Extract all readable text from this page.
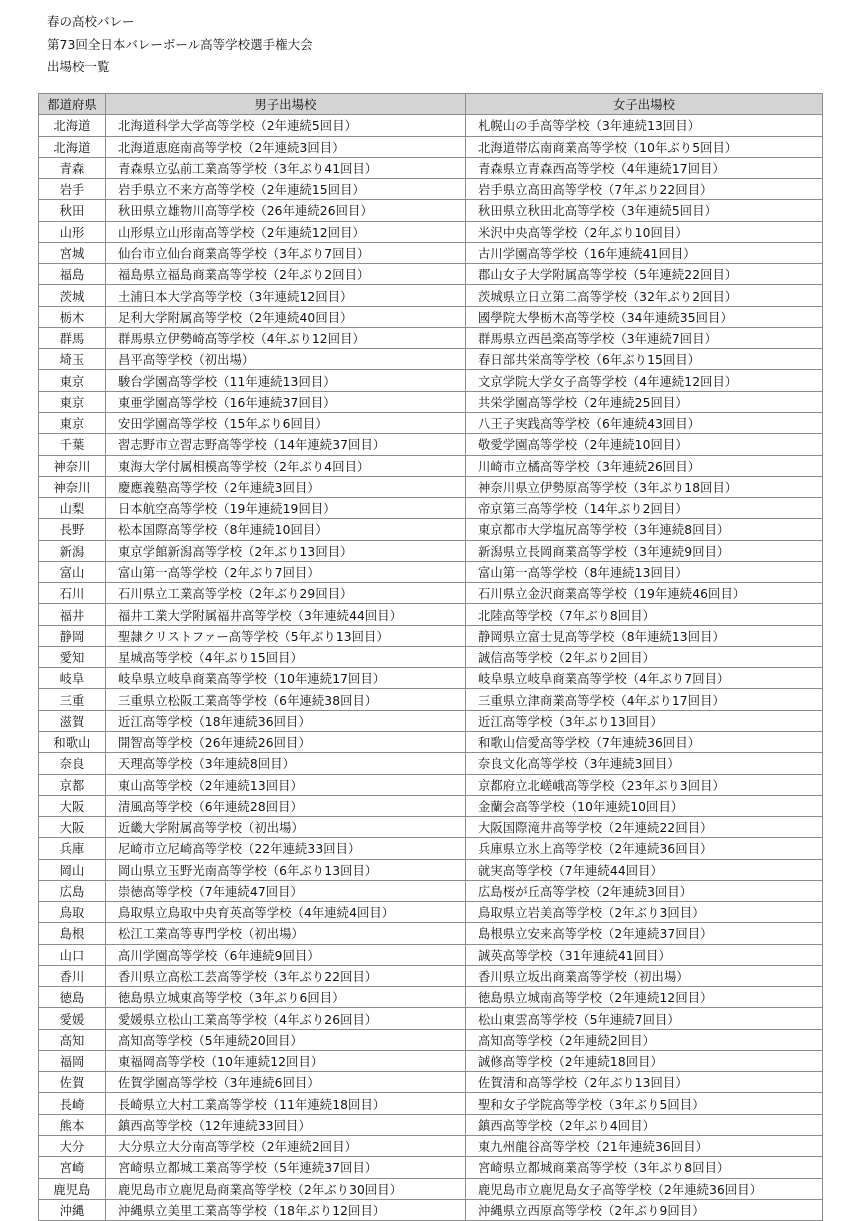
春の高校バレー
第73回全日本バレーボール高等学校選手権大会
出場校一覧
都道府県	男子出場校	女子出場校
北海道	北海道科学大学高等学校（2年連続5回目）	札幌山の手高等学校（3年連続13回目）
北海道	北海道恵庭南高等学校（2年連続3回目）	北海道帯広南商業高等学校（10年ぶり5回目）
青森	青森県立弘前工業高等学校（3年ぶり41回目）	青森県立青森西高等学校（4年連続17回目）
岩手	岩手県立不来方高等学校（2年連続15回目）	岩手県立高田高等学校（7年ぶり22回目）
秋田	秋田県立雄物川高等学校（26年連続26回目）	秋田県立秋田北高等学校（3年連続5回目）
山形	山形県立山形南高等学校（2年連続12回目）	米沢中央高等学校（2年ぶり10回目）
宮城	仙台市立仙台商業高等学校（3年ぶり7回目）	古川学園高等学校（16年連続41回目）
福島	福島県立福島商業高等学校（2年ぶり2回目）	郡山女子大学附属高等学校（5年連続22回目）
茨城	土浦日本大学高等学校（3年連続12回目）	茨城県立日立第二高等学校（32年ぶり2回目）
栃木	足利大学附属高等学校（2年連続40回目）	國學院大學栃木高等学校（34年連続35回目）
群馬	群馬県立伊勢崎高等学校（4年ぶり12回目）	群馬県立西邑楽高等学校（3年連続7回目）
埼玉	昌平高等学校（初出場）	春日部共栄高等学校（6年ぶり15回目）
東京	駿台学園高等学校（11年連続13回目）	文京学院大学女子高等学校（4年連続12回目）
東京	東亜学園高等学校（16年連続37回目）	共栄学園高等学校（2年連続25回目）
東京	安田学園高等学校（15年ぶり6回目）	八王子実践高等学校（6年連続43回目）
千葉	習志野市立習志野高等学校（14年連続37回目）	敬愛学園高等学校（2年連続10回目）
神奈川	東海大学付属相模高等学校（2年ぶり4回目）	川崎市立橘高等学校（3年連続26回目）
神奈川	慶應義塾高等学校（2年連続3回目）	神奈川県立伊勢原高等学校（3年ぶり18回目）
山梨	日本航空高等学校（19年連続19回目）	帝京第三高等学校（14年ぶり2回目）
長野	松本国際高等学校（8年連続10回目）	東京都市大学塩尻高等学校（3年連続8回目）
新潟	東京学館新潟高等学校（2年ぶり13回目）	新潟県立長岡商業高等学校（3年連続9回目）
富山	富山第一高等学校（2年ぶり7回目）	富山第一高等学校（8年連続13回目）
石川	石川県立工業高等学校（2年ぶり29回目）	石川県立金沢商業高等学校（19年連続46回目）
福井	福井工業大学附属福井高等学校（3年連続44回目）	北陸高等学校（7年ぶり8回目）
静岡	聖隷クリストファー高等学校（5年ぶり13回目）	静岡県立富士見高等学校（8年連続13回目）
愛知	星城高等学校（4年ぶり15回目）	誠信高等学校（2年ぶり2回目）
岐阜	岐阜県立岐阜商業高等学校（10年連続17回目）	岐阜県立岐阜商業高等学校（4年ぶり7回目）
三重	三重県立松阪工業高等学校（6年連続38回目）	三重県立津商業高等学校（4年ぶり17回目）
滋賀	近江高等学校（18年連続36回目）	近江高等学校（3年ぶり13回目）
和歌山	開智高等学校（26年連続26回目）	和歌山信愛高等学校（7年連続36回目）
奈良	天理高等学校（3年連続8回目）	奈良文化高等学校（3年連続3回目）
京都	東山高等学校（2年連続13回目）	京都府立北嵯峨高等学校（23年ぶり3回目）
大阪	清風高等学校（6年連続28回目）	金蘭会高等学校（10年連続10回目）
大阪	近畿大学附属高等学校（初出場）	大阪国際滝井高等学校（2年連続22回目）
兵庫	尼崎市立尼崎高等学校（22年連続33回目）	兵庫県立氷上高等学校（2年連続36回目）
岡山	岡山県立玉野光南高等学校（6年ぶり13回目）	就実高等学校（7年連続44回目）
広島	崇徳高等学校（7年連続47回目）	広島桜が丘高等学校（2年連続3回目）
鳥取	鳥取県立鳥取中央育英高等学校（4年連続4回目）	鳥取県立岩美高等学校（2年ぶり3回目）
島根	松江工業高等専門学校（初出場）	島根県立安来高等学校（2年連続37回目）
山口	高川学園高等学校（6年連続9回目）	誠英高等学校（31年連続41回目）
香川	香川県立高松工芸高等学校（3年ぶり22回目）	香川県立坂出商業高等学校（初出場）
徳島	徳島県立城東高等学校（3年ぶり6回目）	徳島県立城南高等学校（2年連続12回目）
愛媛	愛媛県立松山工業高等学校（4年ぶり26回目）	松山東雲高等学校（5年連続7回目）
高知	高知高等学校（5年連続20回目）	高知高等学校（2年連続2回目）
福岡	東福岡高等学校（10年連続12回目）	誠修高等学校（2年連続18回目）
佐賀	佐賀学園高等学校（3年連続6回目）	佐賀清和高等学校（2年ぶり13回目）
長崎	長崎県立大村工業高等学校（11年連続18回目）	聖和女子学院高等学校（3年ぶり5回目）
熊本	鎮西高等学校（12年連続33回目）	鎮西高等学校（2年ぶり4回目）
大分	大分県立大分南高等学校（2年連続2回目）	東九州龍谷高等学校（21年連続36回目）
宮崎	宮崎県立都城工業高等学校（5年連続37回目）	宮崎県立都城商業高等学校（3年ぶり8回目）
鹿児島	鹿児島市立鹿児島商業高等学校（2年ぶり30回目）	鹿児島市立鹿児島女子高等学校（2年連続36回目）
沖縄	沖縄県立美里工業高等学校（18年ぶり12回目）	沖縄県立西原高等学校（2年ぶり9回目）
